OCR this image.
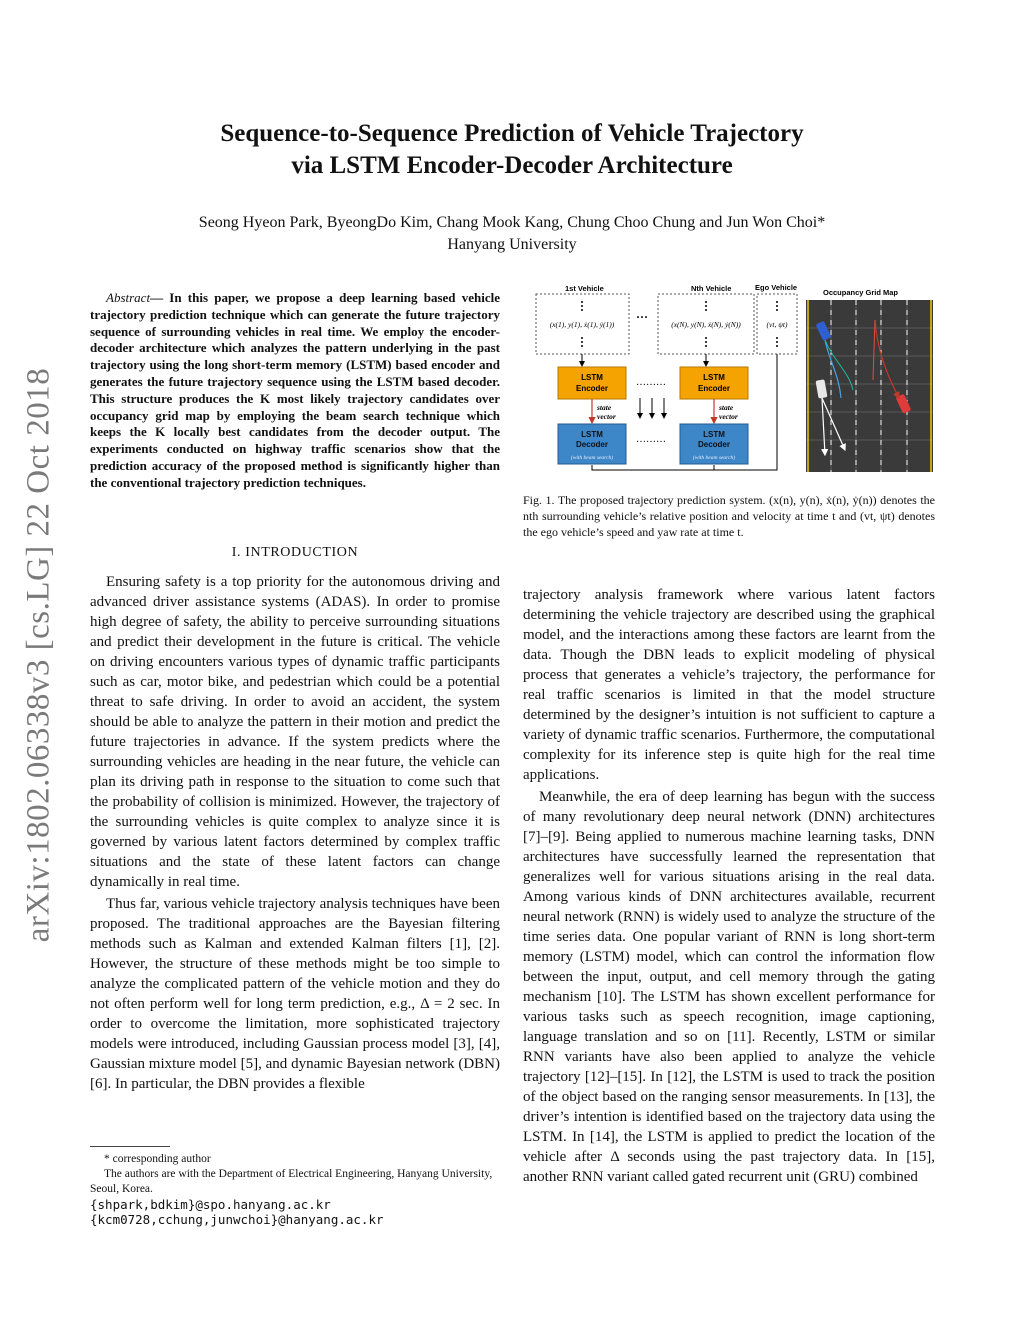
arXiv:1802.06338v3 [cs.LG] 22 Oct 2018
Sequence-to-Sequence Prediction of Vehicle Trajectory
via LSTM Encoder-Decoder Architecture
Seong Hyeon Park, ByeongDo Kim, Chang Mook Kang, Chung Choo Chung and Jun Won Choi*
Hanyang University
Abstract— In this paper, we propose a deep learning based vehicle trajectory prediction technique which can generate the future trajectory sequence of surrounding vehicles in real time. We employ the encoder-decoder architecture which analyzes the pattern underlying in the past trajectory using the long short-term memory (LSTM) based encoder and generates the future trajectory sequence using the LSTM based decoder. This structure produces the K most likely trajectory candidates over occupancy grid map by employing the beam search technique which keeps the K locally best candidates from the decoder output. The experiments conducted on highway traffic scenarios show that the prediction accuracy of the proposed method is significantly higher than the conventional trajectory prediction techniques.
I. INTRODUCTION

Ensuring safety is a top priority for the autonomous driving and advanced driver assistance systems (ADAS). In order to promise high degree of safety, the ability to perceive surrounding situations and predict their development in the future is critical. The vehicle on driving encounters various types of dynamic traffic participants such as car, motor bike, and pedestrian which could be a potential threat to safe driving. In order to avoid an accident, the system should be able to analyze the pattern in their motion and predict the future trajectories in advance. If the system predicts where the surrounding vehicles are heading in the near future, the vehicle can plan its driving path in response to the situation to come such that the probability of collision is minimized. However, the trajectory of the surrounding vehicles is quite complex to analyze since it is governed by various latent factors determined by complex traffic situations and the state of these latent factors can change dynamically in real time.

Thus far, various vehicle trajectory analysis techniques have been proposed. The traditional approaches are the Bayesian filtering methods such as Kalman and extended Kalman filters [1], [2]. However, the structure of these methods might be too simple to analyze the complicated pattern of the vehicle motion and they do not often perform well for long term prediction, e.g., Δ = 2 sec. In order to overcome the limitation, more sophisticated trajectory models were introduced, including Gaussian process model [3], [4], Gaussian mixture model [5], and dynamic Bayesian network (DBN) [6]. In particular, the DBN provides a flexible

* corresponding author
The authors are with the Department of Electrical Engineering, Hanyang University, Seoul, Korea.
{shpark,bdkim}@spo.hanyang.ac.kr
{kcm0728,cchung,junwchoi}@hanyang.ac.kr
1st Vehicle	Nth Vehicle	Ego Vehicle
Occupancy Grid Map
…
(x(1), y(1), ẋ(1), ẏ(1))	(x(N), y(N), ẋ(N), ẏ(N))	(vt, ψt)
LSTM Encoder
LSTM Encoder
………
state vector
state vector
LSTM Decoder
(with beam search)
LSTM Decoder
(with beam search)
………
Fig. 1. The proposed trajectory prediction system. (x(n), y(n), ẋ(n), ẏ(n)) denotes the nth surrounding vehicle’s relative position and velocity at time t and (vt, ψt) denotes the ego vehicle’s speed and yaw rate at time t.

trajectory analysis framework where various latent factors determining the vehicle trajectory are described using the graphical model, and the interactions among these factors are learnt from the data. Though the DBN leads to explicit modeling of physical process that generates a vehicle’s trajectory, the performance for real traffic scenarios is limited in that the model structure determined by the designer’s intuition is not sufficient to capture a variety of dynamic traffic scenarios. Furthermore, the computational complexity for its inference step is quite high for the real time applications.

Meanwhile, the era of deep learning has begun with the success of many revolutionary deep neural network (DNN) architectures [7]–[9]. Being applied to numerous machine learning tasks, DNN architectures have successfully learned the representation that generalizes well for various situations arising in the real data. Among various kinds of DNN architectures available, recurrent neural network (RNN) is widely used to analyze the structure of the time series data. One popular variant of RNN is long short-term memory (LSTM) model, which can control the information flow between the input, output, and cell memory through the gating mechanism [10]. The LSTM has shown excellent performance for various tasks such as speech recognition, image captioning, language translation and so on [11]. Recently, LSTM or similar RNN variants have also been applied to analyze the vehicle trajectory [12]–[15]. In [12], the LSTM is used to track the position of the object based on the ranging sensor measurements. In [13], the driver’s intention is identified based on the trajectory data using the LSTM. In [14], the LSTM is applied to predict the location of the vehicle after Δ seconds using the past trajectory data. In [15], another RNN variant called gated recurrent unit (GRU) combined
